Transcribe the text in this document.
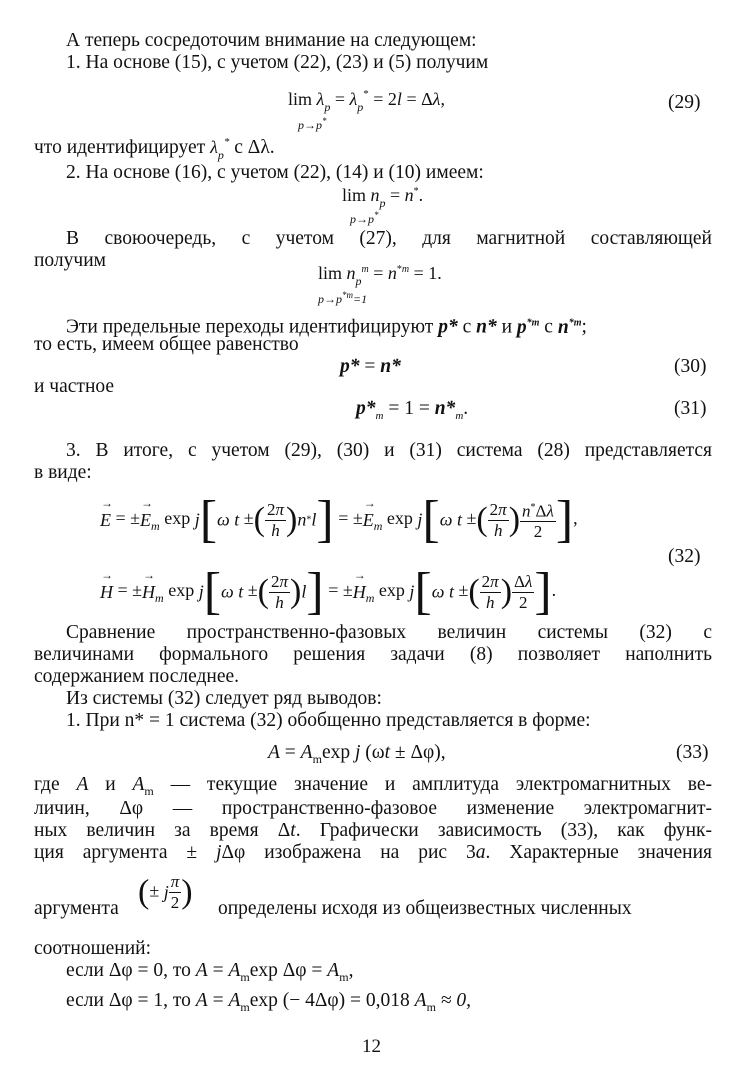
А теперь сосредоточим внимание на следующем:
1. На основе (15), с учетом (22), (23) и (5) получим
$\lim \lambda_p = \lambda_p^* = 2l = \Delta\lambda$,
p→p*
(29)
что идентифицирует $\lambda_p^*$ с Δλ.
2. На основе (16), с учетом (22), (14) и (10) имеем:
$\lim n_p = n^*$.
p→p*
В своюочередь, с учетом (27), для магнитной составляющей
получим
$\lim n_p^m = n^{*m} = 1$.
$p\to p^{*m}=1$
Эти предельные переходы идентифицируют p* с n* и $p^{*m}$ с $n^{*m}$;
то есть, имеем общее равенство
p* = n*	(30)
и частное
$p*_m = 1 = n*_m$.	(31)
3. В итоге, с учетом (29), (30) и (31) система (28) представляется
в виде:
→ E = ±→ $E_m$ exp j[ω t ±( $\frac{2\pi}{h} )n*l$] = ±→ $E_m$ exp j[ω t ±( $\frac{2\pi}{h}$ ) $\frac{n^*\Delta\lambda}{2}$ ],
(32)
→ H = ±→ $H_m$ exp j[ω t ±( $\frac{2\pi}{h} )l$] = ±→ $H_m$ exp j[ω t ±( $\frac{2\pi}{h}$ ) $\frac{\Delta\lambda}{2}$ ].
Сравнение пространственно-фазовых величин системы (32) с
величинами формального решения задачи (8) позволяет наполнить
содержанием последнее.
Из системы (32) следует ряд выводов:
1. При n* = 1 система (32) обобщенно представляется в форме:
$A = A_m\exp$ j (ωt ± Δφ),	(33)
где A и $A_m$ — текущие значение и амплитуда электромагнитных ве-
личин, Δφ — пространственно-фазовое изменение электромагнит-
ных величин за время Δt. Графически зависимость (33), как функ-
ция аргумента ± jΔφ изображена на рис 3a. Характерные значения
аргумента (± j $\frac{\pi}{2}$ ) определены исходя из общеизвестных численных
соотношений:
если Δφ = 0, то $A = A_m\exp$ $\Delta\varphi = A_m$,
если Δφ = 1, то $A = A_m\exp$ (− 4Δφ) = 0,018 $A_m \approx 0$,
12
